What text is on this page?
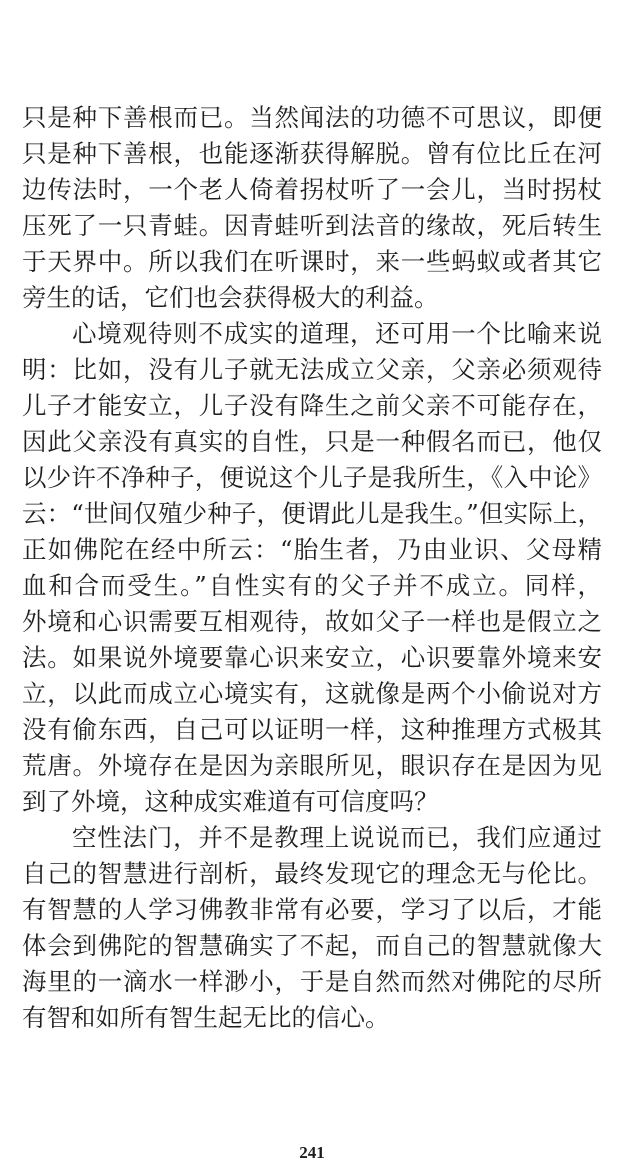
只是种下善根而已。当然闻法的功德不可思议，即便
只是种下善根，也能逐渐获得解脱。曾有位比丘在河
边传法时，一个老人倚着拐杖听了一会儿，当时拐杖
压死了一只青蛙。因青蛙听到法音的缘故，死后转生
于天界中。所以我们在听课时，来一些蚂蚁或者其它
旁生的话，它们也会获得极大的利益。
心境观待则不成实的道理，还可用一个比喻来说
明：比如，没有儿子就无法成立父亲，父亲必须观待
儿子才能安立，儿子没有降生之前父亲不可能存在，
因此父亲没有真实的自性，只是一种假名而已，他仅
以少许不净种子，便说这个儿子是我所生，《入中论》
云：“世间仅殖少种子，便谓此儿是我生。”但实际上，
正如佛陀在经中所云：“胎生者，乃由业识、父母精
血和合而受生。”自性实有的父子并不成立。同样，
外境和心识需要互相观待，故如父子一样也是假立之
法。如果说外境要靠心识来安立，心识要靠外境来安
立，以此而成立心境实有，这就像是两个小偷说对方
没有偷东西，自己可以证明一样，这种推理方式极其
荒唐。外境存在是因为亲眼所见，眼识存在是因为见
到了外境，这种成实难道有可信度吗？
空性法门，并不是教理上说说而已，我们应通过
自己的智慧进行剖析，最终发现它的理念无与伦比。
有智慧的人学习佛教非常有必要，学习了以后，才能
体会到佛陀的智慧确实了不起，而自己的智慧就像大
海里的一滴水一样渺小，于是自然而然对佛陀的尽所
有智和如所有智生起无比的信心。
241
